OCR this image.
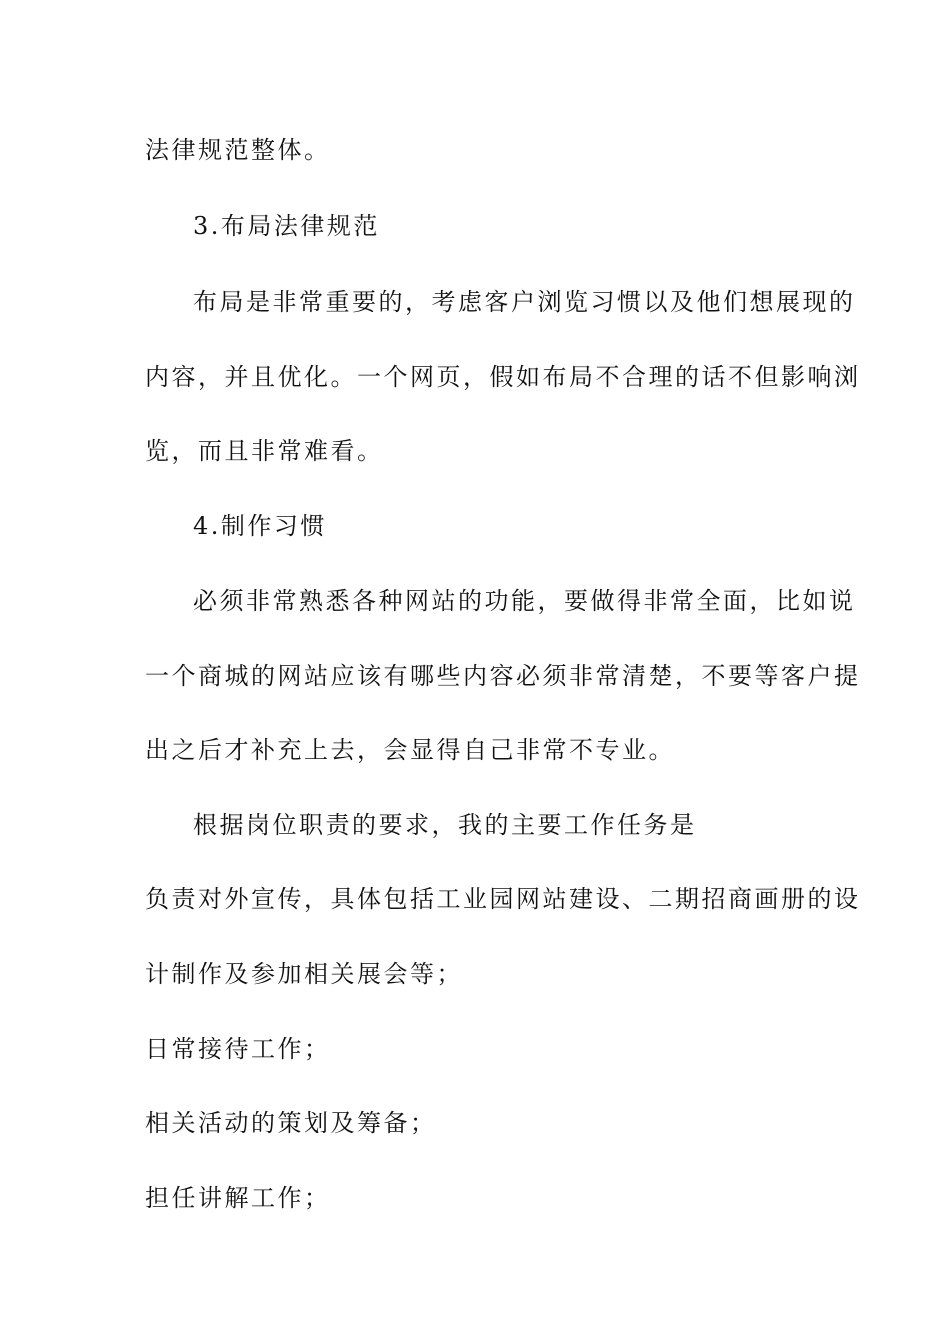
法律规范整体。
3.布局法律规范
布局是非常重要的，考虑客户浏览习惯以及他们想展现的
内容，并且优化。一个网页，假如布局不合理的话不但影响浏
览，而且非常难看。
4.制作习惯
必须非常熟悉各种网站的功能，要做得非常全面，比如说
一个商城的网站应该有哪些内容必须非常清楚，不要等客户提
出之后才补充上去，会显得自己非常不专业。
根据岗位职责的要求，我的主要工作任务是
负责对外宣传，具体包括工业园网站建设、二期招商画册的设
计制作及参加相关展会等；
日常接待工作；
相关活动的策划及筹备；
担任讲解工作；
